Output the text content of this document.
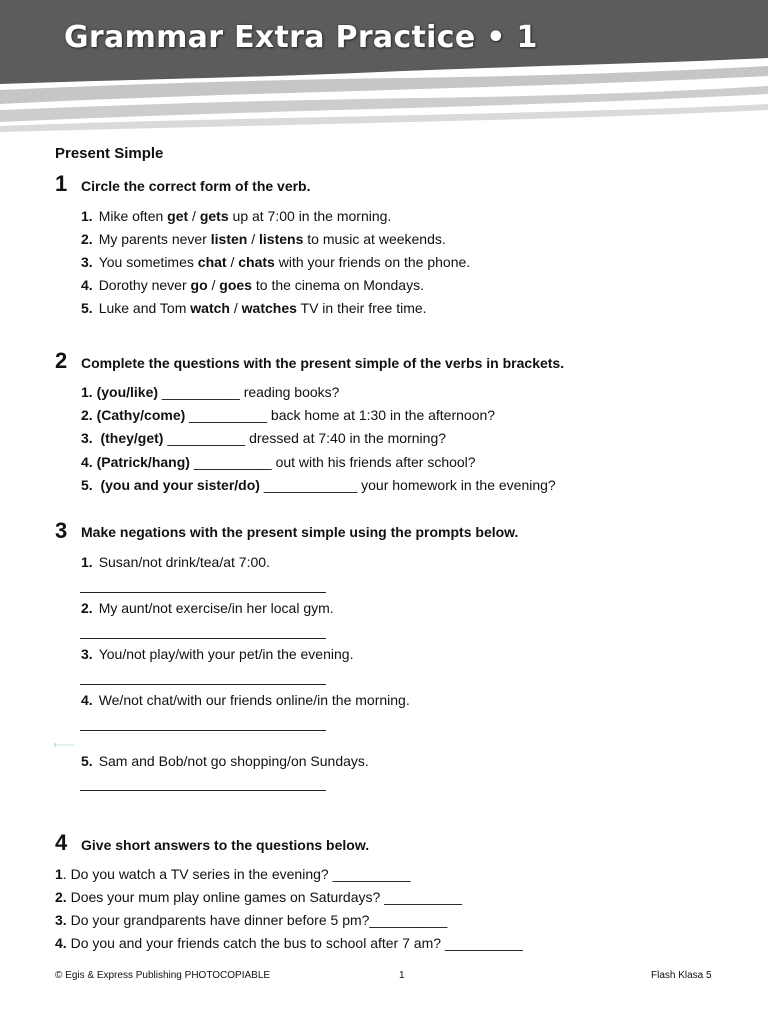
Grammar Extra Practice • 1
Present Simple
1 Circle the correct form of the verb.
1. Mike often get / gets up at 7:00 in the morning.
2. My parents never listen / listens to music at weekends.
3. You sometimes chat / chats with your friends on the phone.
4. Dorothy never go / goes to the cinema on Mondays.
5. Luke and Tom watch / watches TV in their free time.
2 Complete the questions with the present simple of the verbs in brackets.
1. (you/like) __________ reading books?
2. (Cathy/come) __________ back home at 1:30 in the afternoon?
3. (they/get) __________ dressed at 7:40 in the morning?
4. (Patrick/hang) __________ out with his friends after school?
5. (you and your sister/do) ____________ your homework in the evening?
3 Make negations with the present simple using the prompts below.
1. Susan/not drink/tea/at 7:00.
2. My aunt/not exercise/in her local gym.
3. You/not play/with your pet/in the evening.
4. We/not chat/with our friends online/in the morning.
5. Sam and Bob/not go shopping/on Sundays.
4 Give short answers to the questions below.
1. Do you watch a TV series in the evening? __________
2. Does your mum play online games on Saturdays? __________
3. Do your grandparents have dinner before 5 pm?__________
4. Do you and your friends catch the bus to school after 7 am? __________
© Egis & Express Publishing PHOTOCOPIABLE	1	Flash Klasa 5
